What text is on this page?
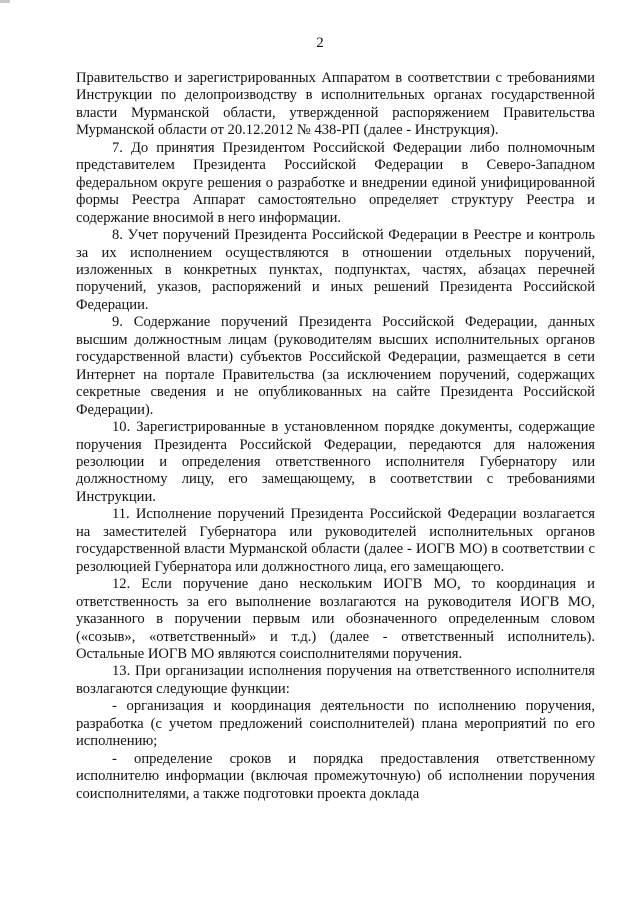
2

Правительство и зарегистрированных Аппаратом в соответствии с требованиями Инструкции по делопроизводству в исполнительных органах государственной власти Мурманской области, утвержденной распоряжением Правительства Мурманской области от 20.12.2012 № 438-РП (далее - Инструкция).

7. До принятия Президентом Российской Федерации либо полномочным представителем Президента Российской Федерации в Северо-Западном федеральном округе решения о разработке и внедрении единой унифицированной формы Реестра Аппарат самостоятельно определяет структуру Реестра и содержание вносимой в него информации.

8. Учет поручений Президента Российской Федерации в Реестре и контроль за их исполнением осуществляются в отношении отдельных поручений, изложенных в конкретных пунктах, подпунктах, частях, абзацах перечней поручений, указов, распоряжений и иных решений Президента Российской Федерации.

9. Содержание поручений Президента Российской Федерации, данных высшим должностным лицам (руководителям высших исполнительных органов государственной власти) субъектов Российской Федерации, размещается в сети Интернет на портале Правительства (за исключением поручений, содержащих секретные сведения и не опубликованных на сайте Президента Российской Федерации).

10. Зарегистрированные в установленном порядке документы, содержащие поручения Президента Российской Федерации, передаются для наложения резолюции и определения ответственного исполнителя Губернатору или должностному лицу, его замещающему, в соответствии с требованиями Инструкции.

11. Исполнение поручений Президента Российской Федерации возлагается на заместителей Губернатора или руководителей исполнительных органов государственной власти Мурманской области (далее - ИОГВ МО) в соответствии с резолюцией Губернатора или должностного лица, его замещающего.

12. Если поручение дано нескольким ИОГВ МО, то координация и ответственность за его выполнение возлагаются на руководителя ИОГВ МО, указанного в поручении первым или обозначенного определенным словом («созыв», «ответственный» и т.д.) (далее - ответственный исполнитель). Остальные ИОГВ МО являются соисполнителями поручения.

13. При организации исполнения поручения на ответственного исполнителя возлагаются следующие функции:

- организация и координация деятельности по исполнению поручения, разработка (с учетом предложений соисполнителей) плана мероприятий по его исполнению;

- определение сроков и порядка предоставления ответственному исполнителю информации (включая промежуточную) об исполнении поручения соисполнителями, а также подготовки проекта доклада
